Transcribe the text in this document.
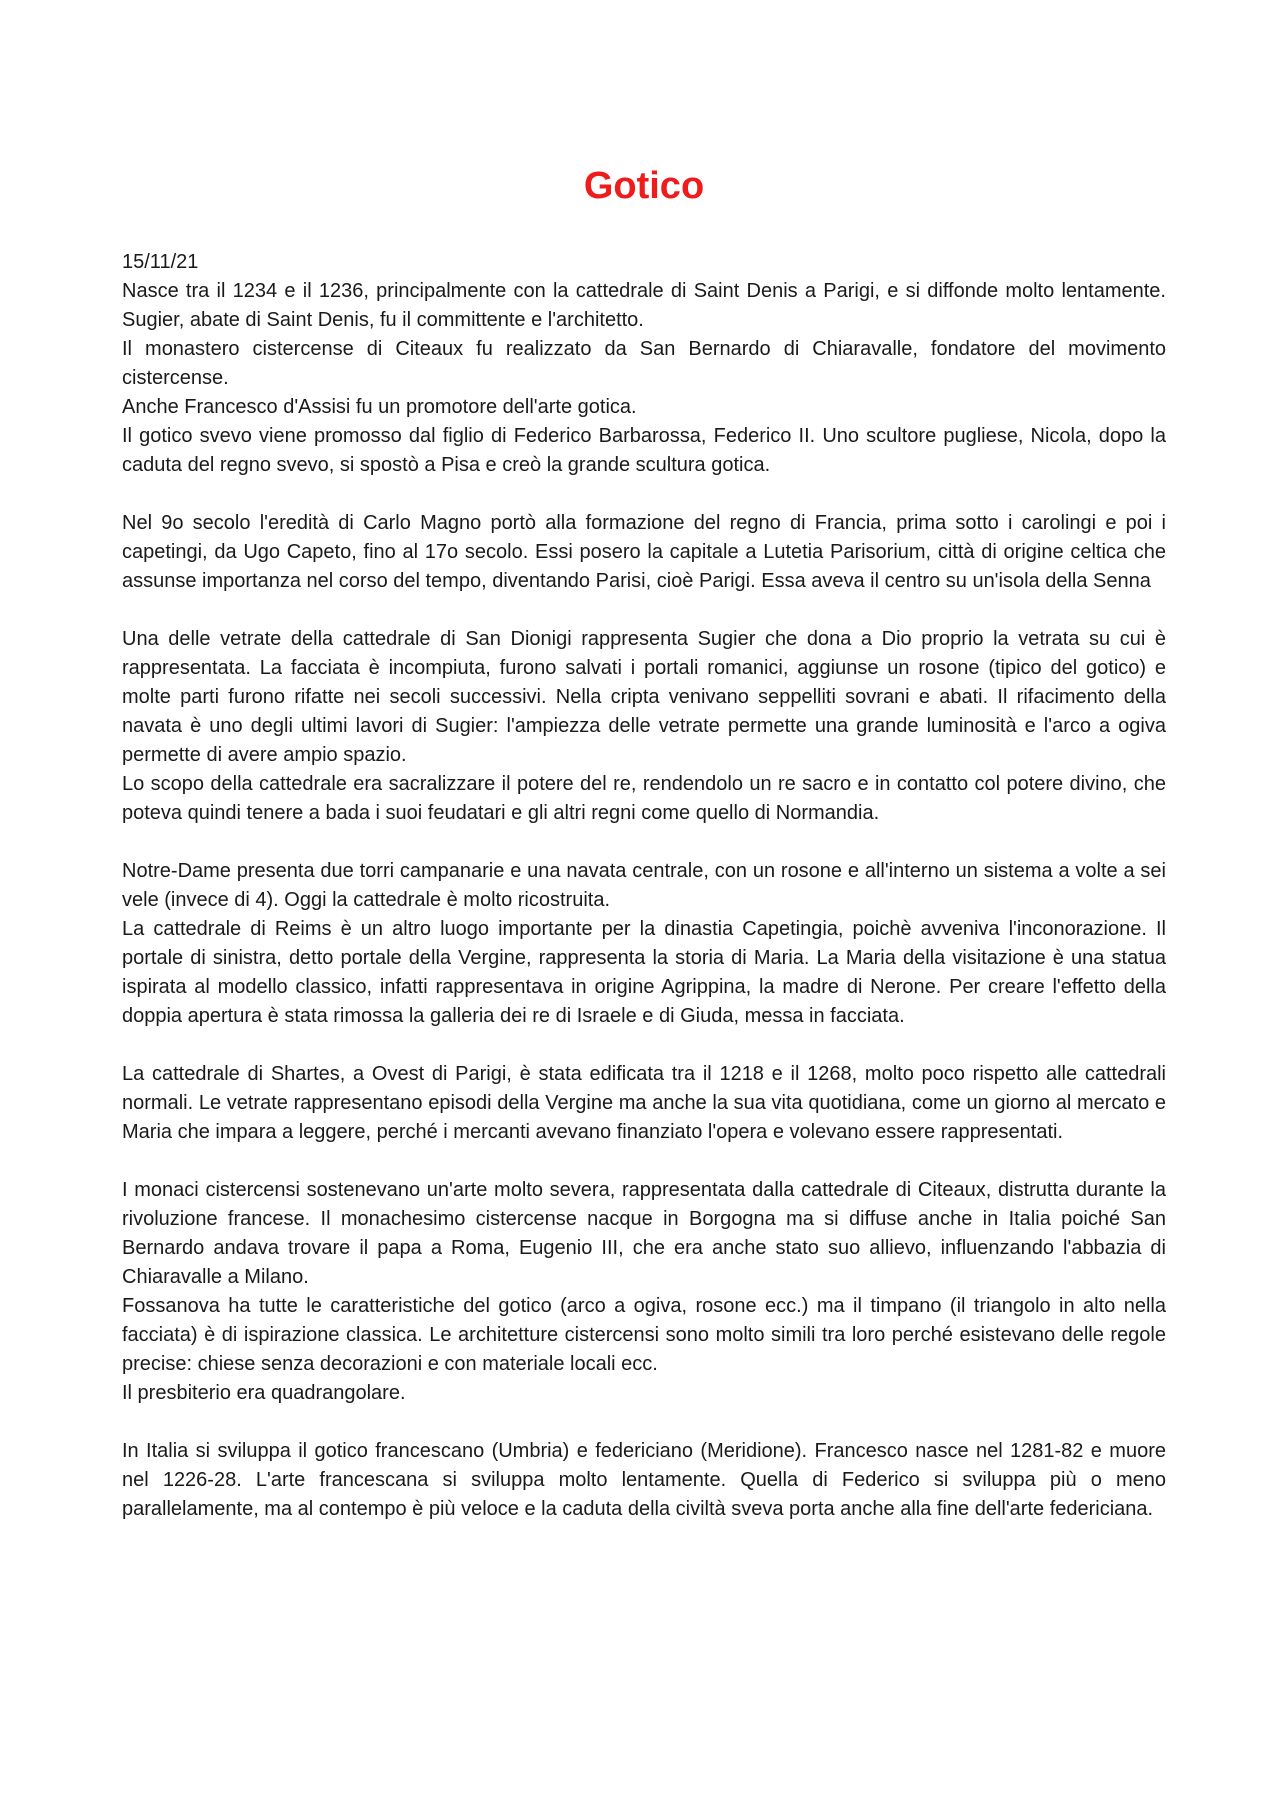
Gotico
15/11/21
Nasce tra il 1234 e il 1236, principalmente con la cattedrale di Saint Denis a Parigi, e si diffonde molto lentamente. Sugier, abate di Saint Denis, fu il committente e l'architetto.
Il monastero cistercense di Citeaux fu realizzato da San Bernardo di Chiaravalle, fondatore del movimento cistercense.
Anche Francesco d'Assisi fu un promotore dell'arte gotica.
Il gotico svevo viene promosso dal figlio di Federico Barbarossa, Federico II. Uno scultore pugliese, Nicola, dopo la caduta del regno svevo, si spostò a Pisa e creò la grande scultura gotica.
Nel 9o secolo l'eredità di Carlo Magno portò alla formazione del regno di Francia, prima sotto i carolingi e poi i capetingi, da Ugo Capeto, fino al 17o secolo. Essi posero la capitale a Lutetia Parisorium, città di origine celtica che assunse importanza nel corso del tempo, diventando Parisi, cioè Parigi. Essa aveva il centro su un'isola della Senna
Una delle vetrate della cattedrale di San Dionigi rappresenta Sugier che dona a Dio proprio la vetrata su cui è rappresentata. La facciata è incompiuta, furono salvati i portali romanici, aggiunse un rosone (tipico del gotico) e molte parti furono rifatte nei secoli successivi. Nella cripta venivano seppelliti sovrani e abati. Il rifacimento della navata è uno degli ultimi lavori di Sugier: l'ampiezza delle vetrate permette una grande luminosità e l'arco a ogiva permette di avere ampio spazio.
Lo scopo della cattedrale era sacralizzare il potere del re, rendendolo un re sacro e in contatto col potere divino, che poteva quindi tenere a bada i suoi feudatari e gli altri regni come quello di Normandia.
Notre-Dame presenta due torri campanarie e una navata centrale, con un rosone e all'interno un sistema a volte a sei vele (invece di 4). Oggi la cattedrale è molto ricostruita.
La cattedrale di Reims è un altro luogo importante per la dinastia Capetingia, poichè avveniva l'inconorazione. Il portale di sinistra, detto portale della Vergine, rappresenta la storia di Maria. La Maria della visitazione è una statua ispirata al modello classico, infatti rappresentava in origine Agrippina, la madre di Nerone. Per creare l'effetto della doppia apertura è stata rimossa la galleria dei re di Israele e di Giuda, messa in facciata.
La cattedrale di Shartes, a Ovest di Parigi, è stata edificata tra il 1218 e il 1268, molto poco rispetto alle cattedrali normali. Le vetrate rappresentano episodi della Vergine ma anche la sua vita quotidiana, come un giorno al mercato e Maria che impara a leggere, perché i mercanti avevano finanziato l'opera e volevano essere rappresentati.
I monaci cistercensi sostenevano un'arte molto severa, rappresentata dalla cattedrale di Citeaux, distrutta durante la rivoluzione francese. Il monachesimo cistercense nacque in Borgogna ma si diffuse anche in Italia poiché San Bernardo andava trovare il papa a Roma, Eugenio III, che era anche stato suo allievo, influenzando l'abbazia di Chiaravalle a Milano.
Fossanova ha tutte le caratteristiche del gotico (arco a ogiva, rosone ecc.) ma il timpano (il triangolo in alto nella facciata) è di ispirazione classica. Le architetture cistercensi sono molto simili tra loro perché esistevano delle regole precise: chiese senza decorazioni e con materiale locali ecc.
Il presbiterio era quadrangolare.
In Italia si sviluppa il gotico francescano (Umbria) e federiciano (Meridione). Francesco nasce nel 1281-82 e muore nel 1226-28. L'arte francescana si sviluppa molto lentamente. Quella di Federico si sviluppa più o meno parallelamente, ma al contempo è più veloce e la caduta della civiltà sveva porta anche alla fine dell'arte federiciana.
